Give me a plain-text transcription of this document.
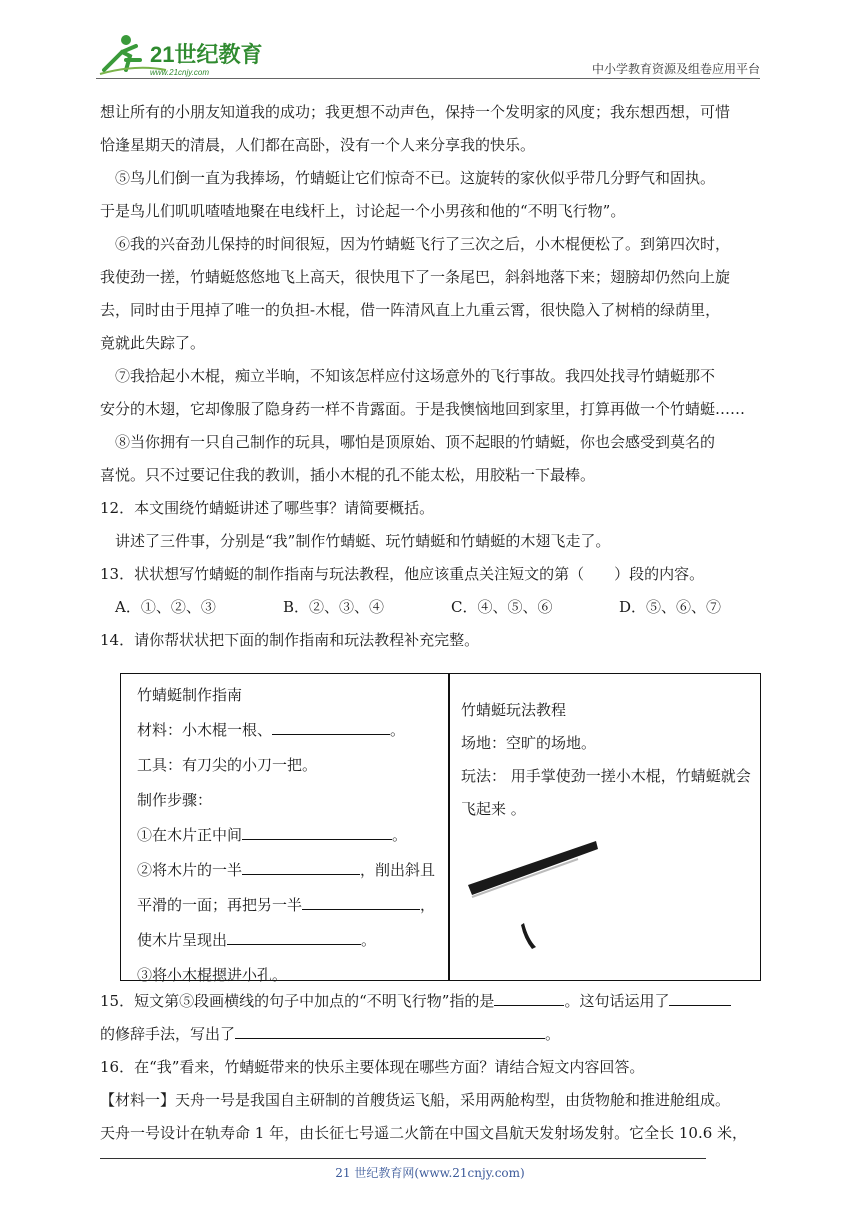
21世纪教育
www.21cnjy.com	中小学教育资源及组卷应用平台

想让所有的小朋友知道我的成功；我更想不动声色，保持一个发明家的风度；我东想西想，可惜

恰逢星期天的清晨，人们都在高卧，没有一个人来分享我的快乐。

⑤鸟儿们倒一直为我捧场，竹蜻蜓让它们惊奇不已。这旋转的家伙似乎带几分野气和固执。

于是鸟儿们叽叽喳喳地聚在电线杆上，讨论起一个小男孩和他的“不明飞行物”。

⑥我的兴奋劲儿保持的时间很短，因为竹蜻蜓飞行了三次之后，小木棍便松了。到第四次时，

我使劲一搓，竹蜻蜓悠悠地飞上高天，很快甩下了一条尾巴，斜斜地落下来；翅膀却仍然向上旋

去，同时由于甩掉了唯一的负担-木棍，借一阵清风直上九重云霄，很快隐入了树梢的绿荫里，

竟就此失踪了。

⑦我拾起小木棍，痴立半晌，不知该怎样应付这场意外的飞行事故。我四处找寻竹蜻蜓那不

安分的木翅，它却像服了隐身药一样不肯露面。于是我懊恼地回到家里，打算再做一个竹蜻蜓……

⑧当你拥有一只自己制作的玩具，哪怕是顶原始、顶不起眼的竹蜻蜓，你也会感受到莫名的

喜悦。只不过要记住我的教训，插小木棍的孔不能太松，用胶粘一下最棒。

12．本文围绕竹蜻蜓讲述了哪些事？请简要概括。

讲述了三件事，分别是“我”制作竹蜻蜓、玩竹蜻蜓和竹蜻蜓的木翅飞走了。

13．状状想写竹蜻蜓的制作指南与玩法教程，他应该重点关注短文的第（　　）段的内容。

A．①、②、③	B．②、③、④	C．④、⑤、⑥	D．⑤、⑥、⑦

14．请你帮状状把下面的制作指南和玩法教程补充完整。

竹蜻蜓制作指南
材料：小木棍一根、	。
工具：有刀尖的小刀一把。
制作步骤：
①在木片正中间	。
②将木片的一半	，削出斜且
平滑的一面；再把另一半	，
使木片呈现出	。
③将小木棍摁进小孔。
竹蜻蜓玩法教程
场地：空旷的场地。
玩法： 用手掌使劲一搓小木棍，竹蜻蜓就会
飞起来 。
15．短文第⑤段画横线的句子中加点的“不明飞行物”指的是	。这句话运用了
的修辞手法，写出了	。
16．在“我”看来，竹蜻蜓带来的快乐主要体现在哪些方面？请结合短文内容回答。
【材料一】天舟一号是我国自主研制的首艘货运飞船，采用两舱构型，由货物舱和推进舱组成。
天舟一号设计在轨寿命 1 年，由长征七号遥二火箭在中国文昌航天发射场发射。它全长 10.6 米，
21 世纪教育网(www.21cnjy.com)
